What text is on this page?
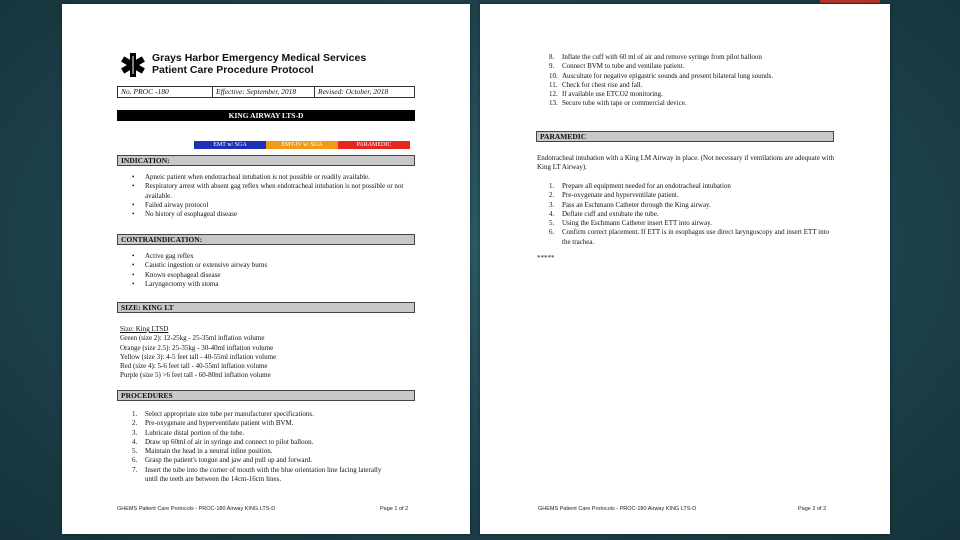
Grays Harbor Emergency Medical Services
Patient Care Procedure Protocol
No. PROC -180	Effective: September, 2018	Revised: October, 2018
KING AIRWAY LTS-D
EMT w/ SGA	EMT-IV w/ SGA	PARAMEDIC
INDICATION:
• Apneic patient when endotracheal intubation is not possible or readily available.
• Respiratory arrest with absent gag reflex when endotracheal intubation is not possible or not available.
• Failed airway protocol
• No history of esophageal disease
CONTRAINDICATION:
• Active gag reflex
• Caustic ingestion or extensive airway burns
• Known esophageal disease
• Laryngectomy with stoma
SIZE: KING LT
Size: King LTSD
Green (size 2): 12-25kg - 25-35ml inflation volume
Orange (size 2.5): 25-35kg - 30-40ml inflation volume
Yellow (size 3): 4-5 feet tall - 40-55ml inflation volume
Red (size 4): 5-6 feet tall - 40-55ml inflation volume
Purple (size 5) >6 feet tall - 60-80ml inflation volume
PROCEDURES
1. Select appropriate size tube per manufacturer specifications.
2. Pre-oxygenate and hyperventilate patient with BVM.
3. Lubricate distal portion of the tube.
4. Draw up 60ml of air in syringe and connect to pilot balloon.
5. Maintain the head in a neutral inline position.
6. Grasp the patient's tongue and jaw and pull up and forward.
7. Insert the tube into the corner of mouth with the blue orientation line facing laterally until the teeth are between the 14cm-16cm lines.
GHEMS Patient Care Protocols - PROC-180 Airway KING LTS-D	Page 1 of 2
8. Inflate the cuff with 60 ml of air and remove syringe from pilot balloon
9. Connect BVM to tube and ventilate patient.
10. Auscultate for negative epigastric sounds and present bilateral lung sounds.
11. Check for chest rise and fall.
12. If available use ETCO2 monitoring.
13. Secure tube with tape or commercial device.
PARAMEDIC
Endotracheal intubation with a King LM Airway in place. (Not necessary if ventilations are adequate with King LT Airway).
1. Prepare all equipment needed for an endotracheal intubation
2. Pre-oxygenate and hyperventilate patient.
3. Pass an Eschmann Catheter through the King airway.
4. Deflate cuff and extubate the tube.
5. Using the Eschmann Catheter insert ETT into airway.
6. Confirm correct placement. If ETT is in esophagus use direct laryngoscopy and insert ETT into the trachea.
*****
GHEMS Patient Care Protocols - PROC-180 Airway KING LTS-D	Page 2 of 2
